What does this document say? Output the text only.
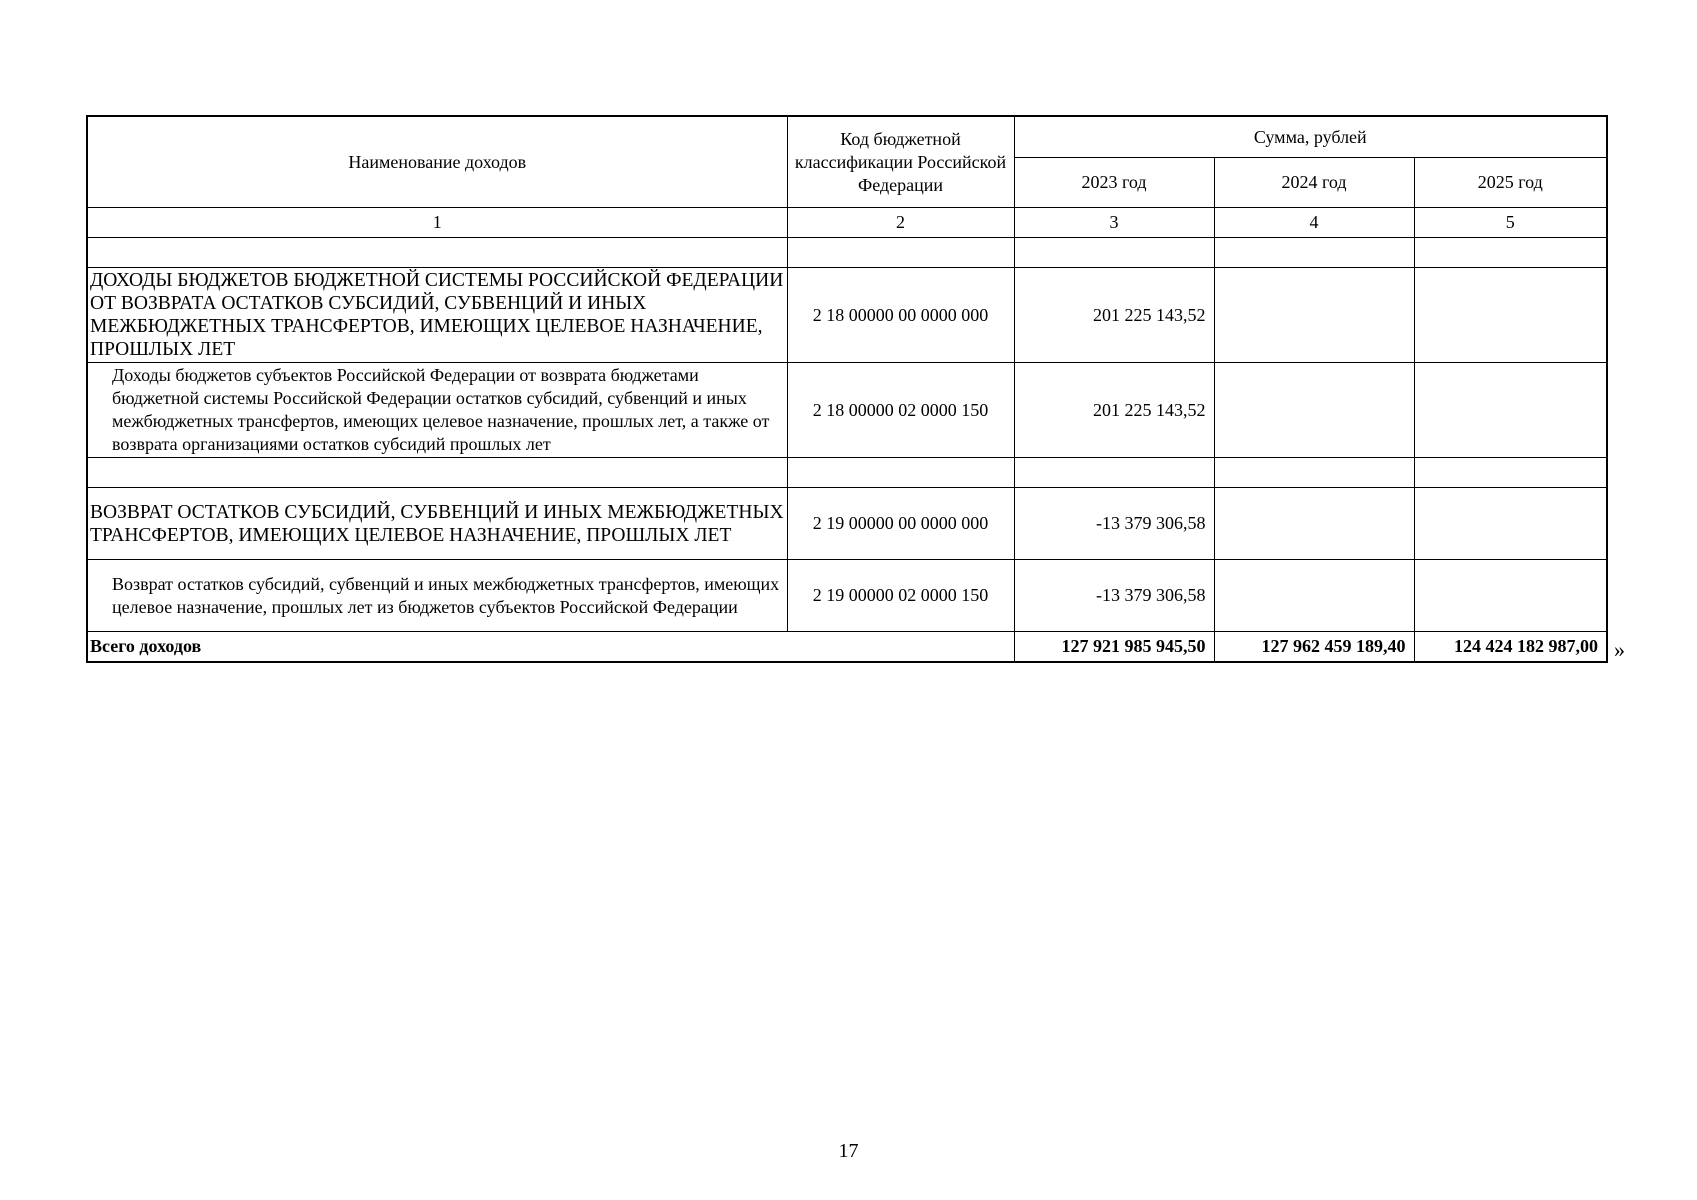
Наименование доходов	Код бюджетной классификации Российской Федерации	Сумма, рублей		
		2023 год	2024 год	2025 год
1	2	3	4	5

ДОХОДЫ БЮДЖЕТОВ БЮДЖЕТНОЙ СИСТЕМЫ РОССИЙСКОЙ ФЕДЕРАЦИИ ОТ ВОЗВРАТА ОСТАТКОВ СУБСИДИЙ, СУБВЕНЦИЙ И ИНЫХ МЕЖБЮДЖЕТНЫХ ТРАНСФЕРТОВ, ИМЕЮЩИХ ЦЕЛЕВОЕ НАЗНАЧЕНИЕ, ПРОШЛЫХ ЛЕТ	2 18 00000 00 0000 000	201 225 143,52		
Доходы бюджетов субъектов Российской Федерации от возврата бюджетами бюджетной системы Российской Федерации остатков субсидий, субвенций и иных межбюджетных трансфертов, имеющих целевое назначение, прошлых лет, а также от возврата организациями остатков субсидий прошлых лет	2 18 00000 02 0000 150	201 225 143,52		

ВОЗВРАТ ОСТАТКОВ СУБСИДИЙ, СУБВЕНЦИЙ И ИНЫХ МЕЖБЮДЖЕТНЫХ ТРАНСФЕРТОВ, ИМЕЮЩИХ ЦЕЛЕВОЕ НАЗНАЧЕНИЕ, ПРОШЛЫХ ЛЕТ	2 19 00000 00 0000 000	-13 379 306,58		
Возврат остатков субсидий, субвенций и иных межбюджетных трансфертов, имеющих целевое назначение, прошлых лет из бюджетов субъектов Российской Федерации	2 19 00000 02 0000 150	-13 379 306,58		
Всего доходов		127 921 985 945,50	127 962 459 189,40	124 424 182 987,00 »
17
